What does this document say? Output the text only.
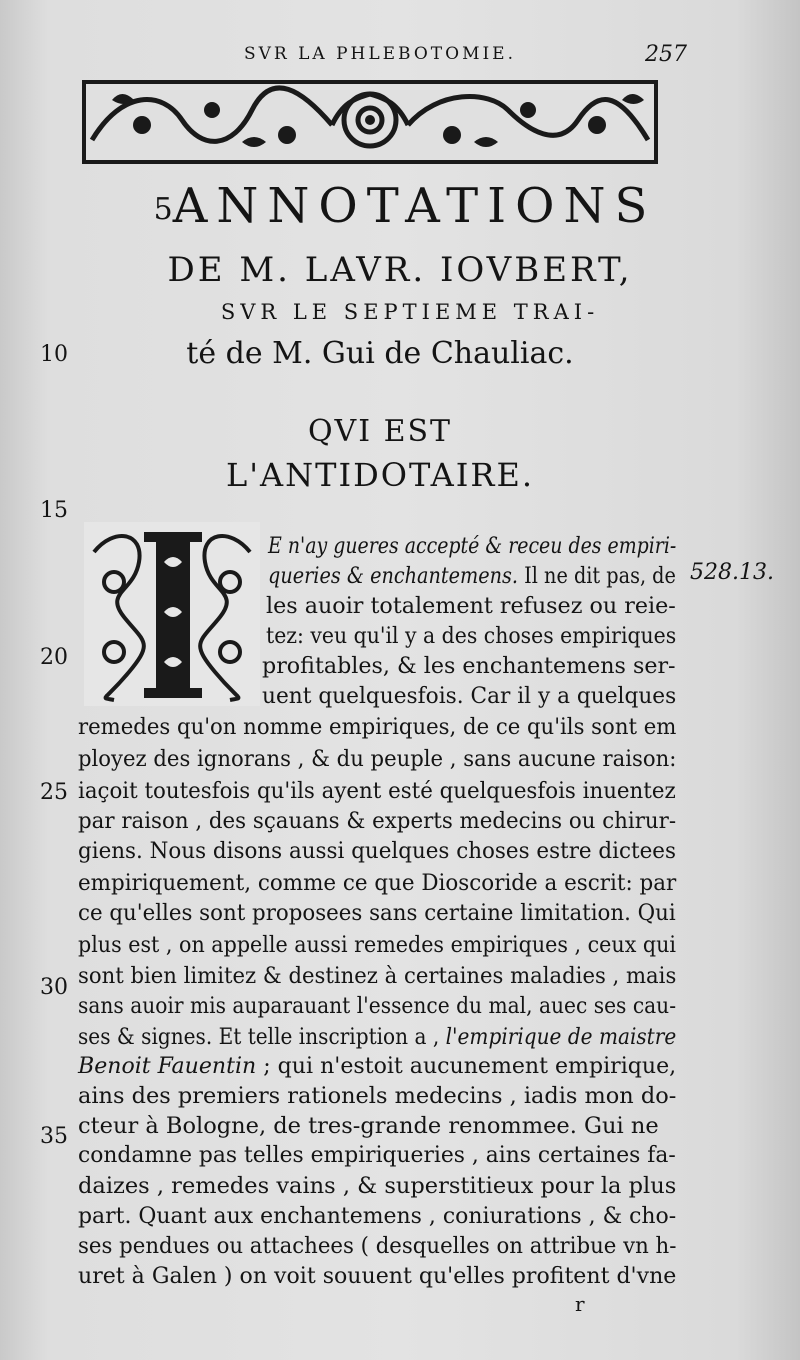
SVR LA PHLEBOTOMIE.	257
5ANNOTATIONS
DE M. LAVR. IOVBERT,
SVR LE SEPTIEME TRAI-
té de M. Gui de Chauliac.
QVI EST
L'ANTIDOTAIRE.
10
15
20
25
30
35
528.13.
E n'ay gueres accepté & receu des empiri-
queries & enchantemens. Il ne dit pas, de
les auoir totalement refusez ou reie-
tez: veu qu'il y a des choses empiriques
profitables, & les enchantemens ser-
uent quelquesfois. Car il y a quelques
remedes qu'on nomme empiriques, de ce qu'ils sont em
ployez des ignorans , & du peuple , sans aucune raison:
iaçoit toutesfois qu'ils ayent esté quelquesfois inuentez
par raison , des sçauans & experts medecins ou chirur-
giens. Nous disons aussi quelques choses estre dictees
empiriquement, comme ce que Dioscoride a escrit: par
ce qu'elles sont proposees sans certaine limitation. Qui
plus est , on appelle aussi remedes empiriques , ceux qui
sont bien limitez & destinez à certaines maladies , mais
sans auoir mis auparauant l'essence du mal, auec ses cau-
ses & signes. Et telle inscription a , l'empirique de maistre
Benoit Fauentin ; qui n'estoit aucunement empirique,
ains des premiers rationels medecins , iadis mon do-
cteur à Bologne, de tres-grande renommee. Gui ne
condamne pas telles empiriqueries , ains certaines fa-
daizes , remedes vains , & superstitieux pour la plus
part. Quant aux enchantemens , coniurations , & cho-
ses pendues ou attachees ( desquelles on attribue vn h-
uret à Galen ) on voit souuent qu'elles profitent d'vne
r
